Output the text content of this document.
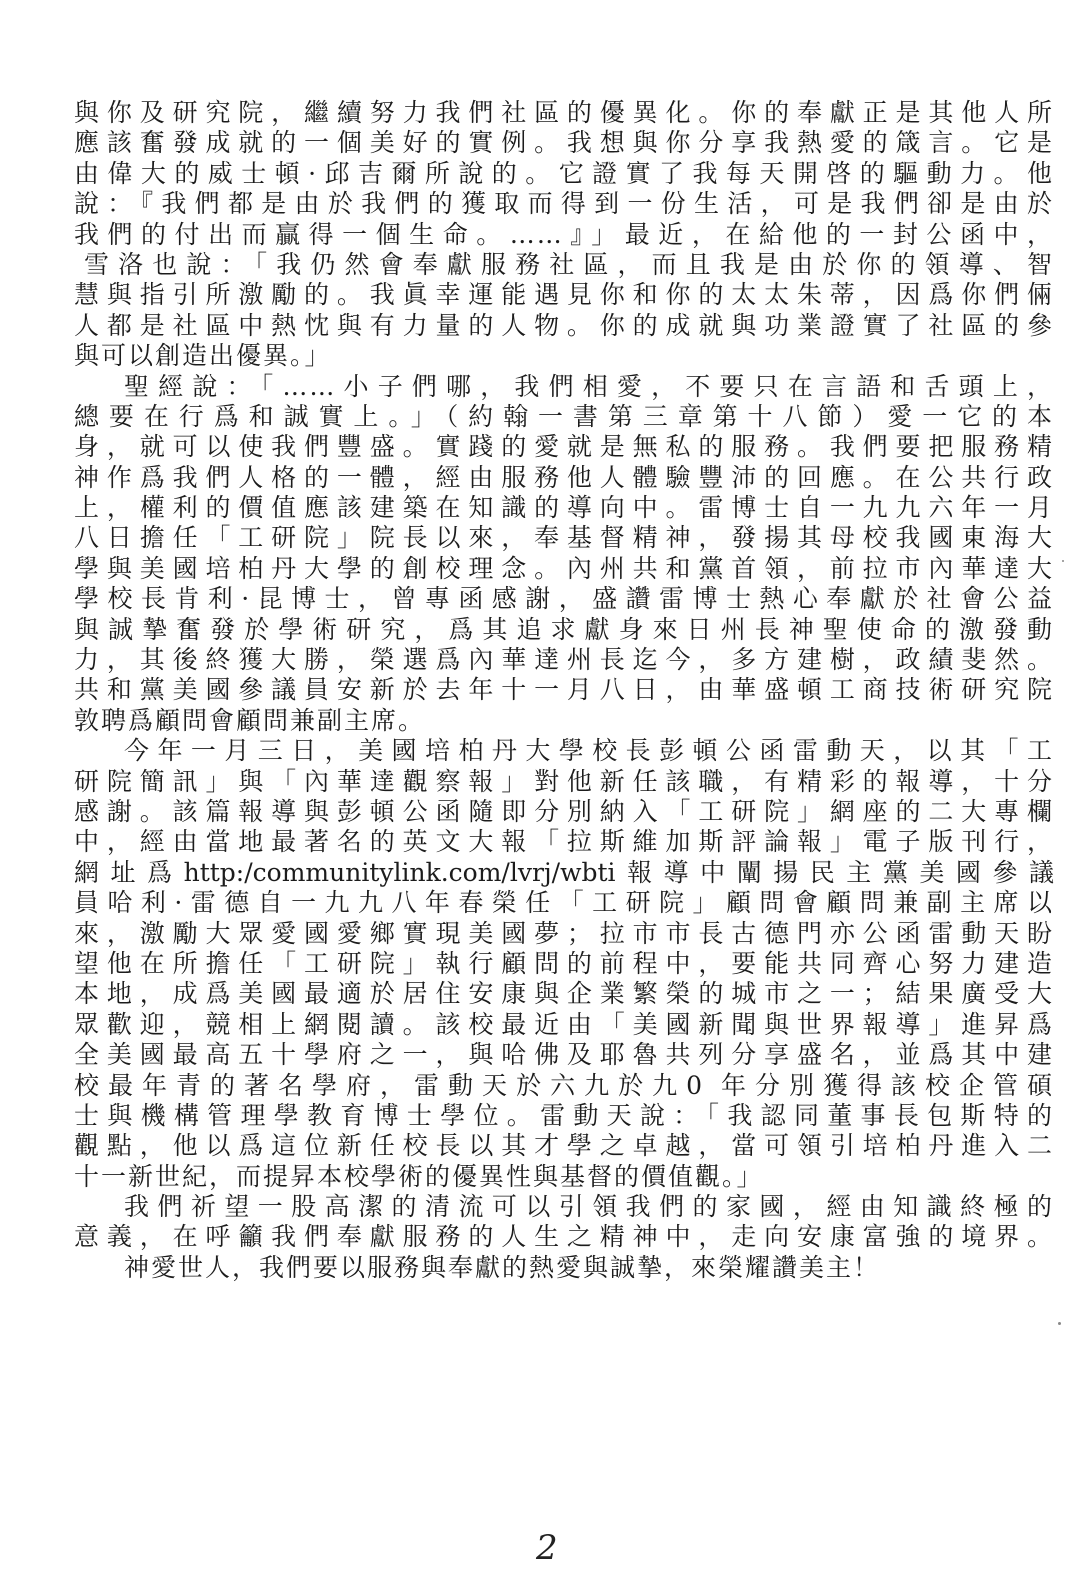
與你及研究院，繼續努力我們社區的優異化。你的奉獻正是其他人所
應該奮發成就的一個美好的實例。我想與你分享我熱愛的箴言。它是
由偉大的威士頓·邱吉爾所說的。它證實了我每天開啓的驅動力。他
說：『我們都是由於我們的獲取而得到一份生活，可是我們卻是由於
我們的付出而贏得一個生命。……』」最近，在給他的一封公函中，
雪洛也說：「我仍然會奉獻服務社區，而且我是由於你的領導、智
慧與指引所激勵的。我眞幸運能遇見你和你的太太朱蒂，因爲你們倆
人都是社區中熱忱與有力量的人物。你的成就與功業證實了社區的參
與可以創造出優異。」
聖經說：「……小子們哪，我們相愛，不要只在言語和舌頭上，
總要在行爲和誠實上。」（約翰一書第三章第十八節）愛一它的本
身，就可以使我們豐盛。實踐的愛就是無私的服務。我們要把服務精
神作爲我們人格的一體，經由服務他人體驗豐沛的回應。在公共行政
上，權利的價值應該建築在知識的導向中。雷博士自一九九六年一月
八日擔任「工研院」院長以來，奉基督精神，發揚其母校我國東海大
學與美國培柏丹大學的創校理念。內州共和黨首領，前拉市內華達大
學校長肯利·昆博士，曾專函感謝，盛讚雷博士熱心奉獻於社會公益
與誠摯奮發於學術研究，爲其追求獻身來日州長神聖使命的激發動
力，其後終獲大勝，榮選爲內華達州長迄今，多方建樹，政績斐然。
共和黨美國參議員安新於去年十一月八日，由華盛頓工商技術研究院
敦聘爲顧問會顧問兼副主席。
今年一月三日，美國培柏丹大學校長彭頓公函雷動天，以其「工
研院簡訊」與「內華達觀察報」對他新任該職，有精彩的報導，十分
感謝。該篇報導與彭頓公函隨即分別納入「工研院」網座的二大專欄
中，經由當地最著名的英文大報「拉斯維加斯評論報」電子版刊行，
網址爲http:/communitylink.com/lvrj/wbti報導中闡揚民主黨美國參議
員哈利·雷德自一九九八年春榮任「工研院」顧問會顧問兼副主席以
來，激勵大眾愛國愛鄉實現美國夢；拉市市長古德門亦公函雷動天盼
望他在所擔任「工研院」執行顧問的前程中，要能共同齊心努力建造
本地，成爲美國最適於居住安康與企業繁榮的城市之一；結果廣受大
眾歡迎，競相上網閱讀。該校最近由「美國新聞與世界報導」進昇爲
全美國最高五十學府之一，與哈佛及耶魯共列分享盛名，並爲其中建
校最年青的著名學府，雷動天於六九於九0 年分別獲得該校企管碩
士與機構管理學教育博士學位。雷動天說：「我認同董事長包斯特的
觀點，他以爲這位新任校長以其才學之卓越，當可領引培柏丹進入二
十一新世紀，而提昇本校學術的優異性與基督的價值觀。」
我們祈望一股高潔的清流可以引領我們的家國，經由知識終極的
意義，在呼籲我們奉獻服務的人生之精神中，走向安康富強的境界。
神愛世人，我們要以服務與奉獻的熱愛與誠摯，來榮耀讚美主！
2
